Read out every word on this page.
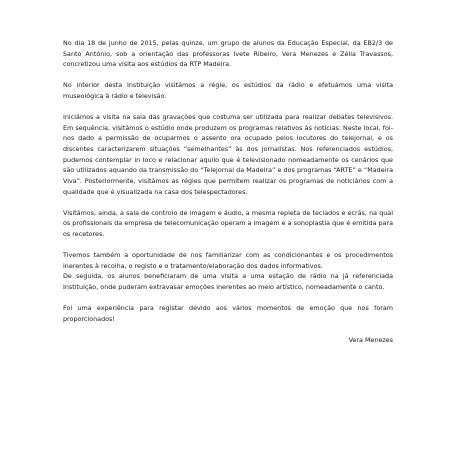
No dia 18 de junho de 2015, pelas quinze, um grupo de alunos da Educação Especial, da EB2/3 de Santo António, sob a orientação das professoras Ivete Ribeiro, Vera Menezes e Zélia Travassos, concretizou uma visita aos estúdios da RTP Madeira.

No interior desta Instituição visitámos a régie, os estúdios da rádio e efetuámos uma visita museológica à rádio e televisão.

Iniciámos a visita na sala das gravações que costuma ser utilizada para realizar debates televisivos. Em sequência, visitámos o estúdio onde produzem os programas relativos às notícias. Neste local, foi-nos dado a permissão de ocuparmos o assento ora ocupado pelos locutores do telejornal, e os discentes caracterizarem situações “semelhantes” às dos jornalistas. Nos referenciados estúdios, pudemos contemplar in loco e relacionar aquilo que é televisionado nomeadamente os cenários que são utilizados aquando da transmissão do “Telejornal da Madeira” e dos programas “ARTE” e “Madeira Viva”. Posteriormente, visitámos as régies que permitem realizar os programas de noticiários com a qualidade que é visualizada na casa dos telespectadores.

Visitámos, ainda, a sala de controlo de imagem e áudio, a mesma repleta de teclados e ecrãs, na qual os profissionais da empresa de telecomunicação operam a imagem e a sonoplastia que é emitida para os recetores.

Tivemos também a oportunidade de nos familiarizar com as condicionantes e os procedimentos inerentes à recolha, o registo e o tratamento/elaboração dos dados informativos.

De seguida, os alunos beneficiaram de uma visita a uma estação de rádio na já referenciada Instituição, onde puderam extravasar emoções inerentes ao meio artístico, nomeadamente o canto.

Foi uma experiência para registar devido aos vários momentos de emoção que nos foram proporcionados!

Vera Menezes
